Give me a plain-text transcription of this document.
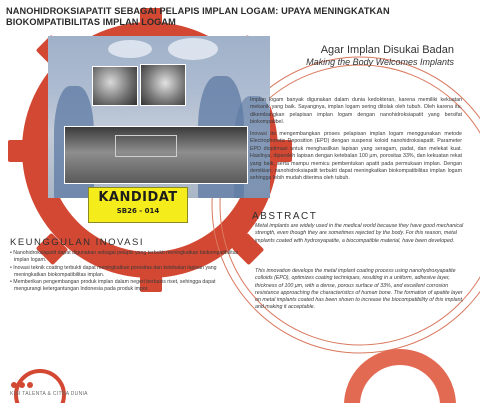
NANOHIDROKSIAPATIT SEBAGAI PELAPIS IMPLAN LOGAM: UPAYA MENINGKATKAN BIOKOMPATIBILITAS IMPLAN LOGAM
KANDIDAT
SB26 - 014
Agar Implan Disukai Badan
Making the Body Welcomes Implants
Implan logam banyak digunakan dalam dunia kedokteran, karena memiliki kekuatan mekanik yang baik. Sayangnya, implan logam sering ditolak oleh tubuh. Oleh karena itu, dikembangkan pelapisan implan logam dengan nanohidroksiapatit yang bersifat biokompatibel.
Inovasi ini mengembangkan proses pelapisan implan logam menggunakan metode Electrophoretic Deposition (EPD) dengan suspensi koloid nanohidroksiapatit. Parameter EPD dioptimasi untuk menghasilkan lapisan yang seragam, padat, dan melekat kuat. Hasilnya, diperoleh lapisan dengan ketebalan 100 μm, porositas 33%, dan kekuatan rekat yang baik, serta mampu memicu pembentukan apatit pada permukaan implan. Dengan demikian, nanohidroksiapatit terbukti dapat meningkatkan biokompatibilitas implan logam sehingga lebih mudah diterima oleh tubuh.
ABSTRACT
Metal implants are widely used in the medical world because they have good mechanical strength, even though they are sometimes rejected by the body. For this reason, metal implants coated with hydroxyapatite, a biocompatible material, have been developed.
This innovation develops the metal implant coating process using nanohydroxyapatite colloids (EPD), optimizes coating techniques, resulting in a uniform, adhesive layer, thickness of 100 μm, with a dense, porous surface of 33%, and excellent corrosion resistance approaching the characteristics of human bone. The formation of apatite layer on metal implants coated has been shown to increase the biocompatibility of this implant, and making it acceptable.
KEUNGGULAN INOVASI
• Nanohidroksiapatit dapat digunakan sebagai pelapis yang terbukti meningkatkan biokompatibilitas implan logam.
• Inovasi teknik coating terbukti dapat meningkatkan porositas dan ketebalan lapisan yang meningkatkan biokompatibilitas implan.
• Memberikan pengembangan produk implan dalam negeri berbasis riset, sehingga dapat mengurangi ketergantungan Indonesia pada produk impor.
KISI TALENTA & CITRA DUNIA
